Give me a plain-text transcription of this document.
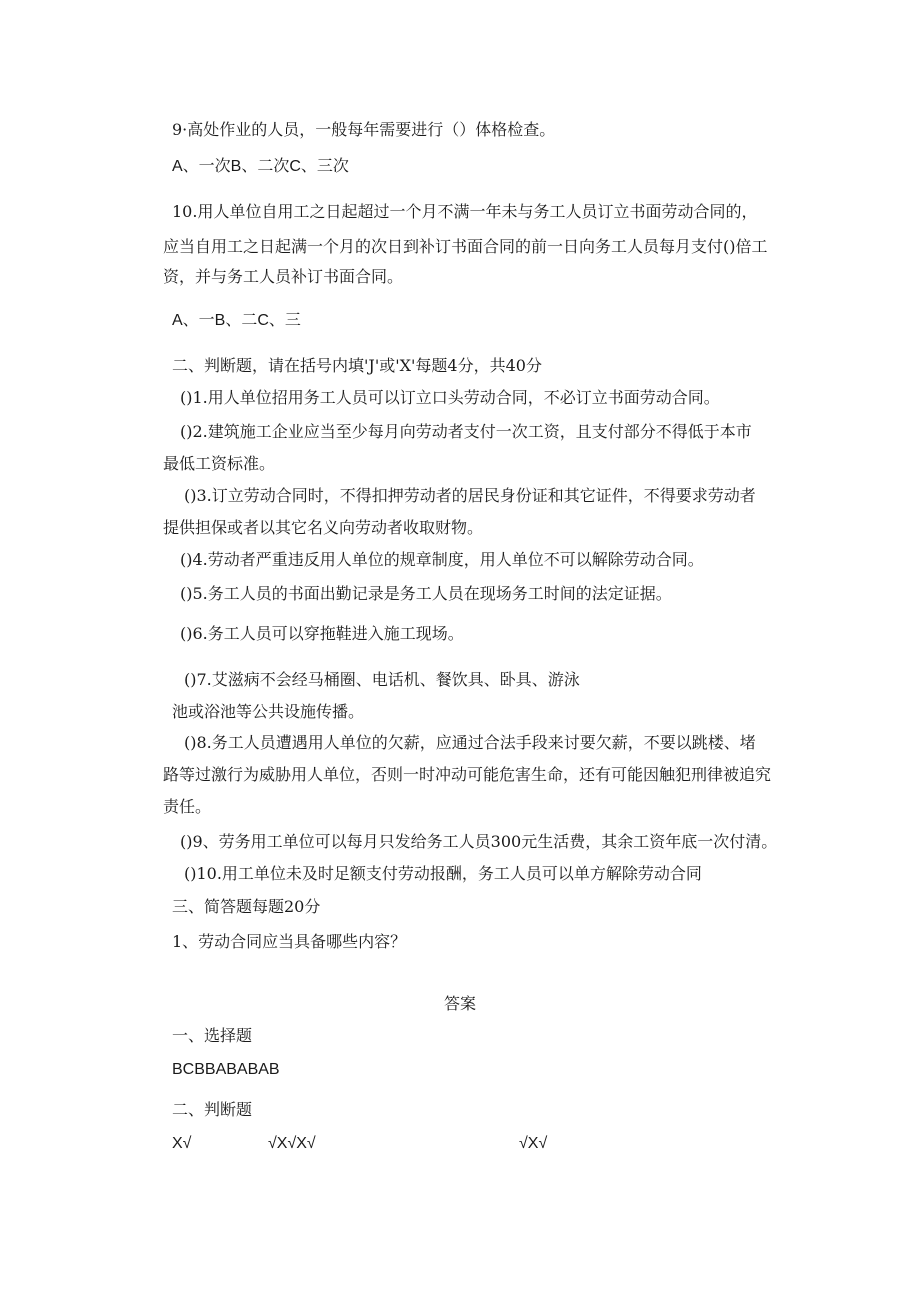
9·高处作业的人员，一般每年需要进行（）体格检查。
A、一次B、二次C、三次
10.用人单位自用工之日起超过一个月不满一年未与务工人员订立书面劳动合同的，
应当自用工之日起满一个月的次日到补订书面合同的前一日向务工人员每月支付()倍工
资，并与务工人员补订书面合同。
A、一B、二C、三
二、判断题，请在括号内填'J'或'X'每题4分，共40分
()1.用人单位招用务工人员可以订立口头劳动合同，不必订立书面劳动合同。
()2.建筑施工企业应当至少每月向劳动者支付一次工资，且支付部分不得低于本市
最低工资标准。
()3.订立劳动合同时，不得扣押劳动者的居民身份证和其它证件，不得要求劳动者
提供担保或者以其它名义向劳动者收取财物。
()4.劳动者严重违反用人单位的规章制度，用人单位不可以解除劳动合同。
()5.务工人员的书面出勤记录是务工人员在现场务工时间的法定证据。
()6.务工人员可以穿拖鞋进入施工现场。
()7.艾滋病不会经马桶圈、电话机、餐饮具、卧具、游泳
池或浴池等公共设施传播。
()8.务工人员遭遇用人单位的欠薪，应通过合法手段来讨要欠薪，不要以跳楼、堵
路等过激行为威胁用人单位，否则一时冲动可能危害生命，还有可能因触犯刑律被追究
责任。
()9、劳务用工单位可以每月只发给务工人员300元生活费，其余工资年底一次付清。
()10.用工单位未及时足额支付劳动报酬，务工人员可以单方解除劳动合同
三、简答题每题20分
1、劳动合同应当具备哪些内容？
答案
一、选择题
BCBBABABAB
二、判断题
X√	√X√X√	√X√
